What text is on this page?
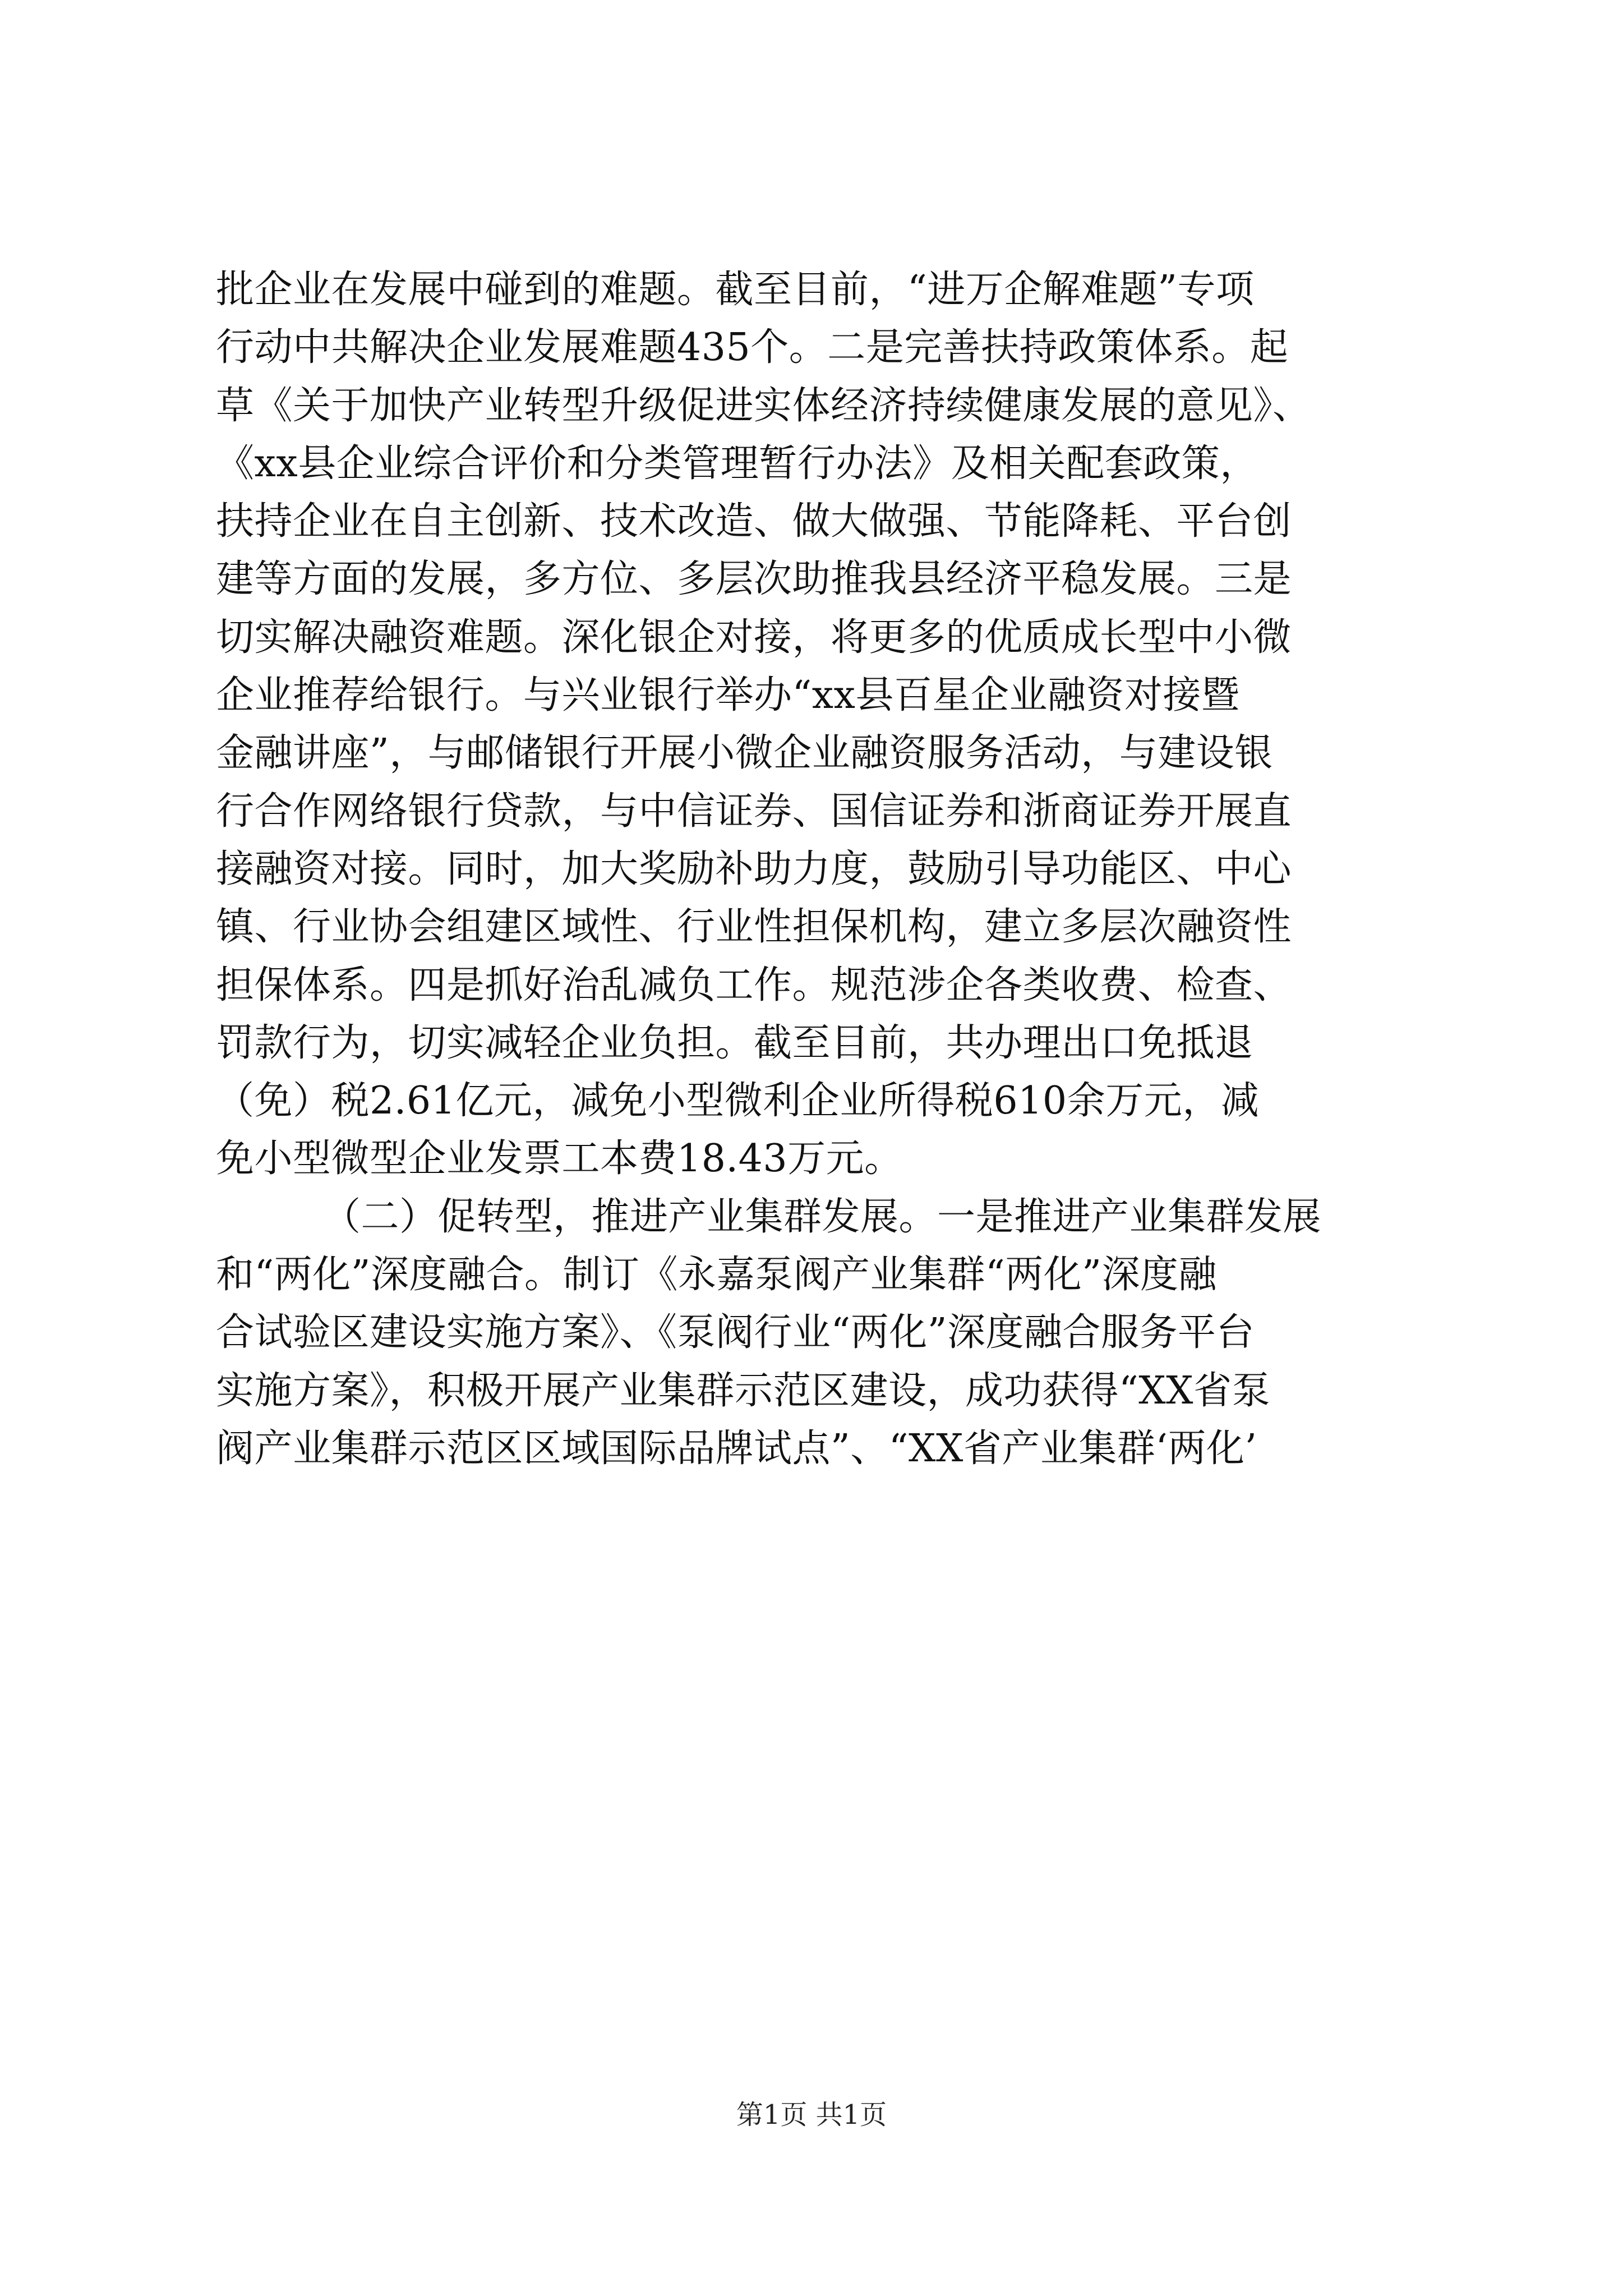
批企业在发展中碰到的难题。截至目前，“进万企解难题”专项
行动中共解决企业发展难题435个。二是完善扶持政策体系。起
草《关于加快产业转型升级促进实体经济持续健康发展的意见》、
《xx县企业综合评价和分类管理暂行办法》及相关配套政策，
扶持企业在自主创新、技术改造、做大做强、节能降耗、平台创
建等方面的发展，多方位、多层次助推我县经济平稳发展。三是
切实解决融资难题。深化银企对接，将更多的优质成长型中小微
企业推荐给银行。与兴业银行举办“xx县百星企业融资对接暨
金融讲座”，与邮储银行开展小微企业融资服务活动，与建设银
行合作网络银行贷款，与中信证券、国信证券和浙商证券开展直
接融资对接。同时，加大奖励补助力度，鼓励引导功能区、中心
镇、行业协会组建区域性、行业性担保机构，建立多层次融资性
担保体系。四是抓好治乱减负工作。规范涉企各类收费、检查、
罚款行为，切实减轻企业负担。截至目前，共办理出口免抵退
（免）税2.61亿元，减免小型微利企业所得税610余万元，减
免小型微型企业发票工本费18.43万元。
（二）促转型，推进产业集群发展。一是推进产业集群发展
和“两化”深度融合。制订《永嘉泵阀产业集群“两化”深度融
合试验区建设实施方案》、《泵阀行业“两化”深度融合服务平台
实施方案》，积极开展产业集群示范区建设，成功获得“XX省泵
阀产业集群示范区区域国际品牌试点”、“XX省产业集群‘两化’
第1页 共1页
